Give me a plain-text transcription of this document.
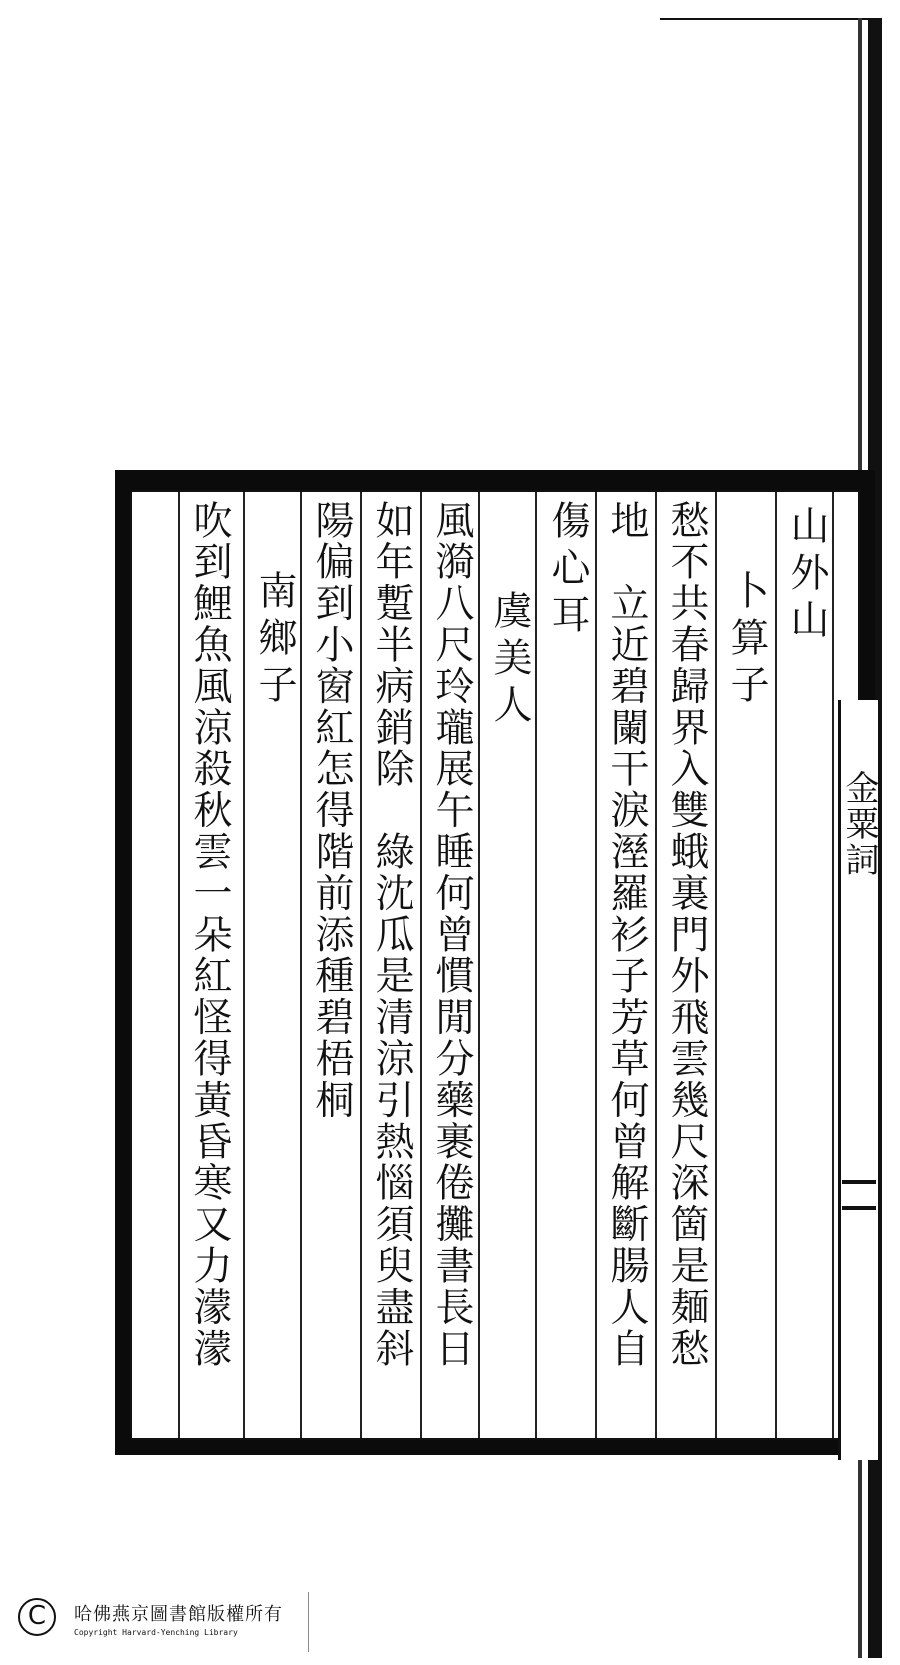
山外山
卜算子
愁不共春歸界入雙蛾裏門外飛雲幾尺深箇是麺愁
地　立近碧闌干淚溼羅衫子芳草何曾解斷腸人自
傷心耳
虞美人
風漪八尺玲瓏展午睡何曾慣閒分藥裹倦攤書長日
如年蹔半病銷除　綠沈瓜是清涼引熱惱須臾盡斜
陽偏到小窗紅怎得階前添種碧梧桐
南鄉子
吹到鯉魚風涼殺秋雲一朵紅怪得黃昏寒又力濛濛	金粟詞
C	哈佛燕京圖書館版權所有
Copyright Harvard-Yenching Library
